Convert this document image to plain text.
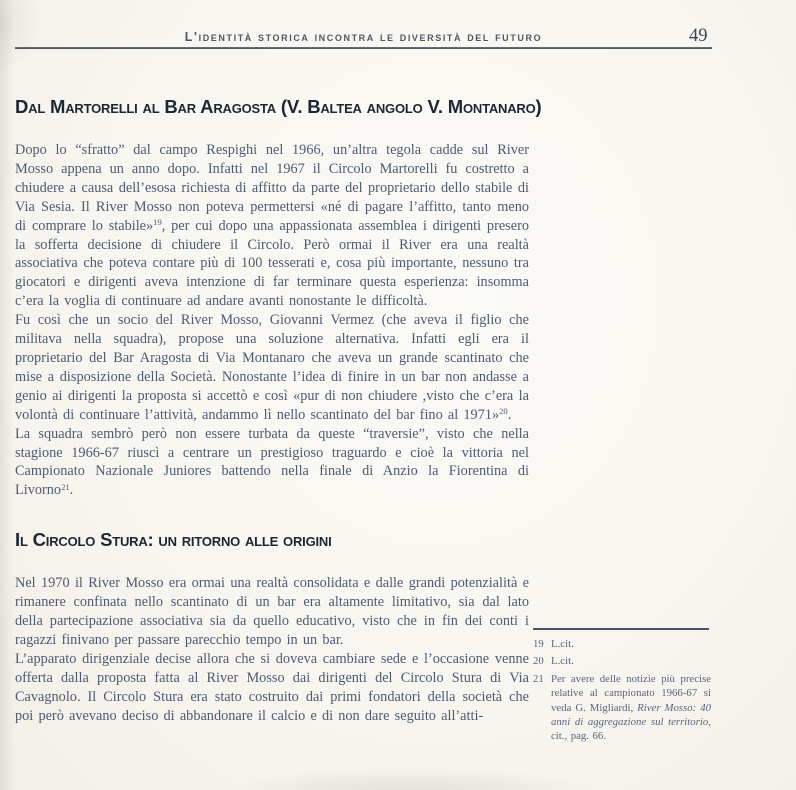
L'identità storica incontra le diversità del futuro	49
Dal Martorelli al Bar Aragosta (V. Baltea angolo V. Montanaro)

Dopo lo “sfratto” dal campo Respighi nel 1966, un’altra tegola cadde sul River Mosso appena un anno dopo. Infatti nel 1967 il Circolo Martorelli fu costretto a chiudere a causa dell’esosa richiesta di affitto da parte del proprietario dello stabile di Via Sesia. Il River Mosso non poteva permettersi «né di pagare l’affitto, tanto meno di comprare lo stabile»$^{19}$, per cui dopo una appassionata assemblea i dirigenti presero la sofferta decisione di chiudere il Circolo. Però ormai il River era una realtà associativa che poteva contare più di 100 tesserati e, cosa più importante, nessuno tra giocatori e dirigenti aveva intenzione di far terminare questa esperienza: insomma c’era la voglia di continuare ad andare avanti nonostante le difficoltà.

Fu così che un socio del River Mosso, Giovanni Vermez (che aveva il figlio che militava nella squadra), propose una soluzione alternativa. Infatti egli era il proprietario del Bar Aragosta di Via Montanaro che aveva un grande scantinato che mise a disposizione della Società. Nonostante l’idea di finire in un bar non andasse a genio ai dirigenti la proposta si accettò e così «pur di non chiudere ,visto che c’era la volontà di continuare l’attività, andammo lì nello scantinato del bar fino al 1971»$^{20}$.

La squadra sembrò però non essere turbata da queste “traversie”, visto che nella stagione 1966-67 riuscì a centrare un prestigioso traguardo e cioè la vittoria nel Campionato Nazionale Juniores battendo nella finale di Anzio la Fiorentina di Livorno$^{21}$.

Il Circolo Stura: un ritorno alle origini

Nel 1970 il River Mosso era ormai una realtà consolidata e dalle grandi potenzialità e rimanere confinata nello scantinato di un bar era altamente limitativo, sia dal lato della partecipazione associativa sia da quello educativo, visto che in fin dei conti i ragazzi finivano per passare parecchio tempo in un bar.

L’apparato dirigenziale decise allora che si doveva cambiare sede e l’occasione venne offerta dalla proposta fatta al River Mosso dai dirigenti del Circolo Stura di Via Cavagnolo. Il Circolo Stura era stato costruito dai primi fondatori della società che poi però avevano deciso di abbandonare il calcio e di non dare seguito all’atti-

19 L.cit.
20 L.cit.
21 Per avere delle notizie più precise relative al campionato 1966-67 si veda G. Migliardi, River Mosso: 40 anni di aggregazione sul territorio, cit., pag. 66.
